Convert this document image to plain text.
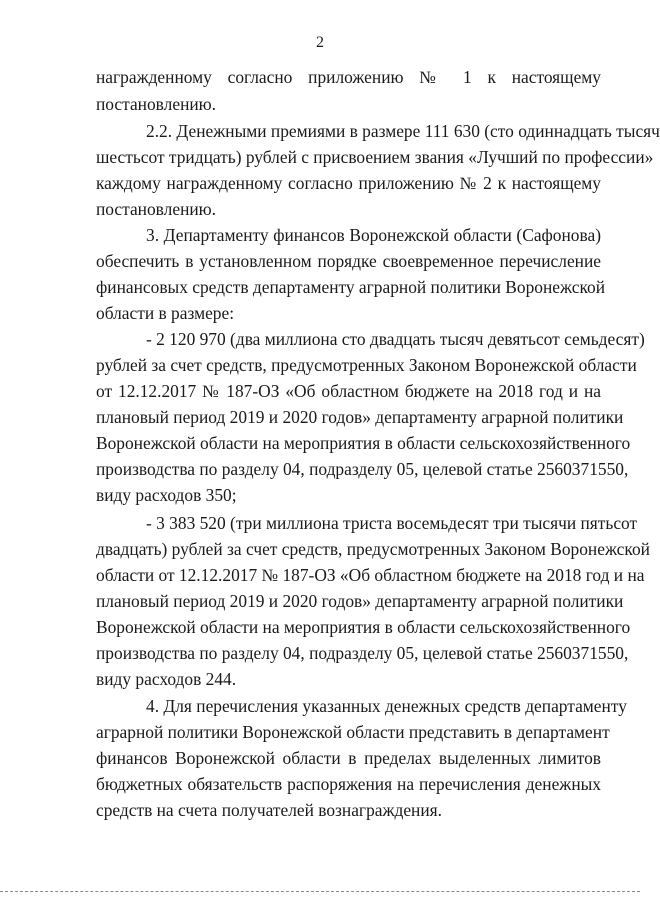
2
награжденному согласно приложению № 1 к настоящему
постановлению.
2.2. Денежными премиями в размере 111 630 (сто одиннадцать тысяч
шестьсот тридцать) рублей с присвоением звания «Лучший по профессии»
каждому награжденному согласно приложению № 2 к настоящему
постановлению.
3. Департаменту финансов Воронежской области (Сафонова)
обеспечить в установленном порядке своевременное перечисление
финансовых средств департаменту аграрной политики Воронежской
области в размере:
- 2 120 970 (два миллиона сто двадцать тысяч девятьсот семьдесят)
рублей за счет средств, предусмотренных Законом Воронежской области
от 12.12.2017 № 187-ОЗ «Об областном бюджете на 2018 год и на
плановый период 2019 и 2020 годов» департаменту аграрной политики
Воронежской области на мероприятия в области сельскохозяйственного
производства по разделу 04, подразделу 05, целевой статье 2560371550,
виду расходов 350;
- 3 383 520 (три миллиона триста восемьдесят три тысячи пятьсот
двадцать) рублей за счет средств, предусмотренных Законом Воронежской
области от 12.12.2017 № 187-ОЗ «Об областном бюджете на 2018 год и на
плановый период 2019 и 2020 годов» департаменту аграрной политики
Воронежской области на мероприятия в области сельскохозяйственного
производства по разделу 04, подразделу 05, целевой статье 2560371550,
виду расходов 244.
4. Для перечисления указанных денежных средств департаменту
аграрной политики Воронежской области представить в департамент
финансов Воронежской области в пределах выделенных лимитов
бюджетных обязательств распоряжения на перечисления денежных
средств на счета получателей вознаграждения.
